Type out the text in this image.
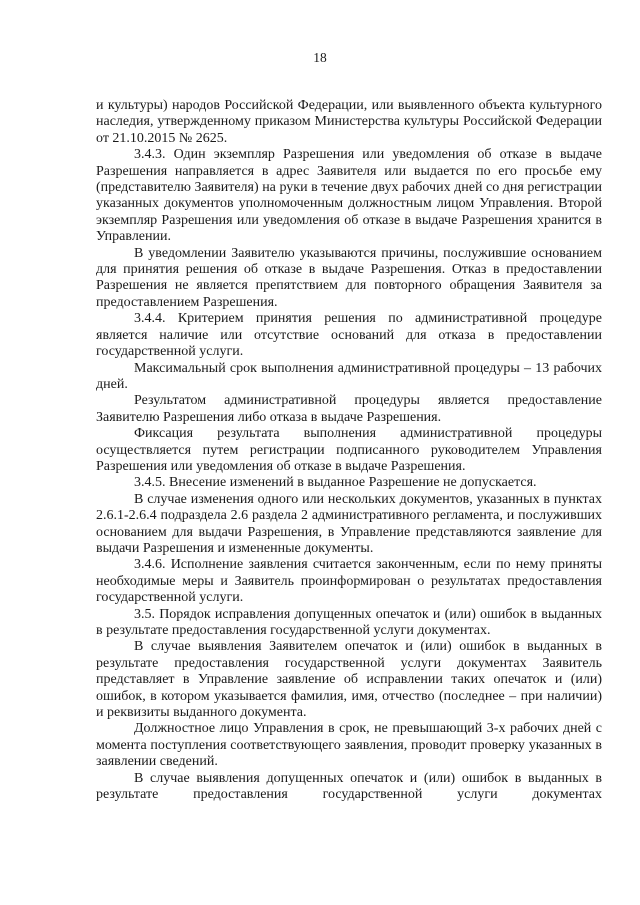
18

и культуры) народов Российской Федерации, или выявленного объекта культурного наследия, утвержденному приказом Министерства культуры Российской Федерации от 21.10.2015 № 2625.

3.4.3. Один экземпляр Разрешения или уведомления об отказе в выдаче Разрешения направляется в адрес Заявителя или выдается по его просьбе ему (представителю Заявителя) на руки в течение двух рабочих дней со дня регистрации указанных документов уполномоченным должностным лицом Управления. Второй экземпляр Разрешения или уведомления об отказе в выдаче Разрешения хранится в Управлении.

В уведомлении Заявителю указываются причины, послужившие основанием для принятия решения об отказе в выдаче Разрешения. Отказ в предоставлении Разрешения не является препятствием для повторного обращения Заявителя за предоставлением Разрешения.

3.4.4. Критерием принятия решения по административной процедуре является наличие или отсутствие оснований для отказа в предоставлении государственной услуги.

Максимальный срок выполнения административной процедуры – 13 рабочих дней.

Результатом административной процедуры является предоставление Заявителю Разрешения либо отказа в выдаче Разрешения.

Фиксация результата выполнения административной процедуры осуществляется путем регистрации подписанного руководителем Управления Разрешения или уведомления об отказе в выдаче Разрешения.

3.4.5. Внесение изменений в выданное Разрешение не допускается.

В случае изменения одного или нескольких документов, указанных в пунктах 2.6.1-2.6.4 подраздела 2.6 раздела 2 административного регламента, и послуживших основанием для выдачи Разрешения, в Управление представляются заявление для выдачи Разрешения и измененные документы.

3.4.6. Исполнение заявления считается законченным, если по нему приняты необходимые меры и Заявитель проинформирован о результатах предоставления государственной услуги.

3.5. Порядок исправления допущенных опечаток и (или) ошибок в выданных в результате предоставления государственной услуги документах.

В случае выявления Заявителем опечаток и (или) ошибок в выданных в результате предоставления государственной услуги документах Заявитель представляет в Управление заявление об исправлении таких опечаток и (или) ошибок, в котором указывается фамилия, имя, отчество (последнее – при наличии) и реквизиты выданного документа.

Должностное лицо Управления в срок, не превышающий 3-х рабочих дней с момента поступления соответствующего заявления, проводит проверку указанных в заявлении сведений.

В случае выявления допущенных опечаток и (или) ошибок в выданных в результате предоставления государственной услуги документах
